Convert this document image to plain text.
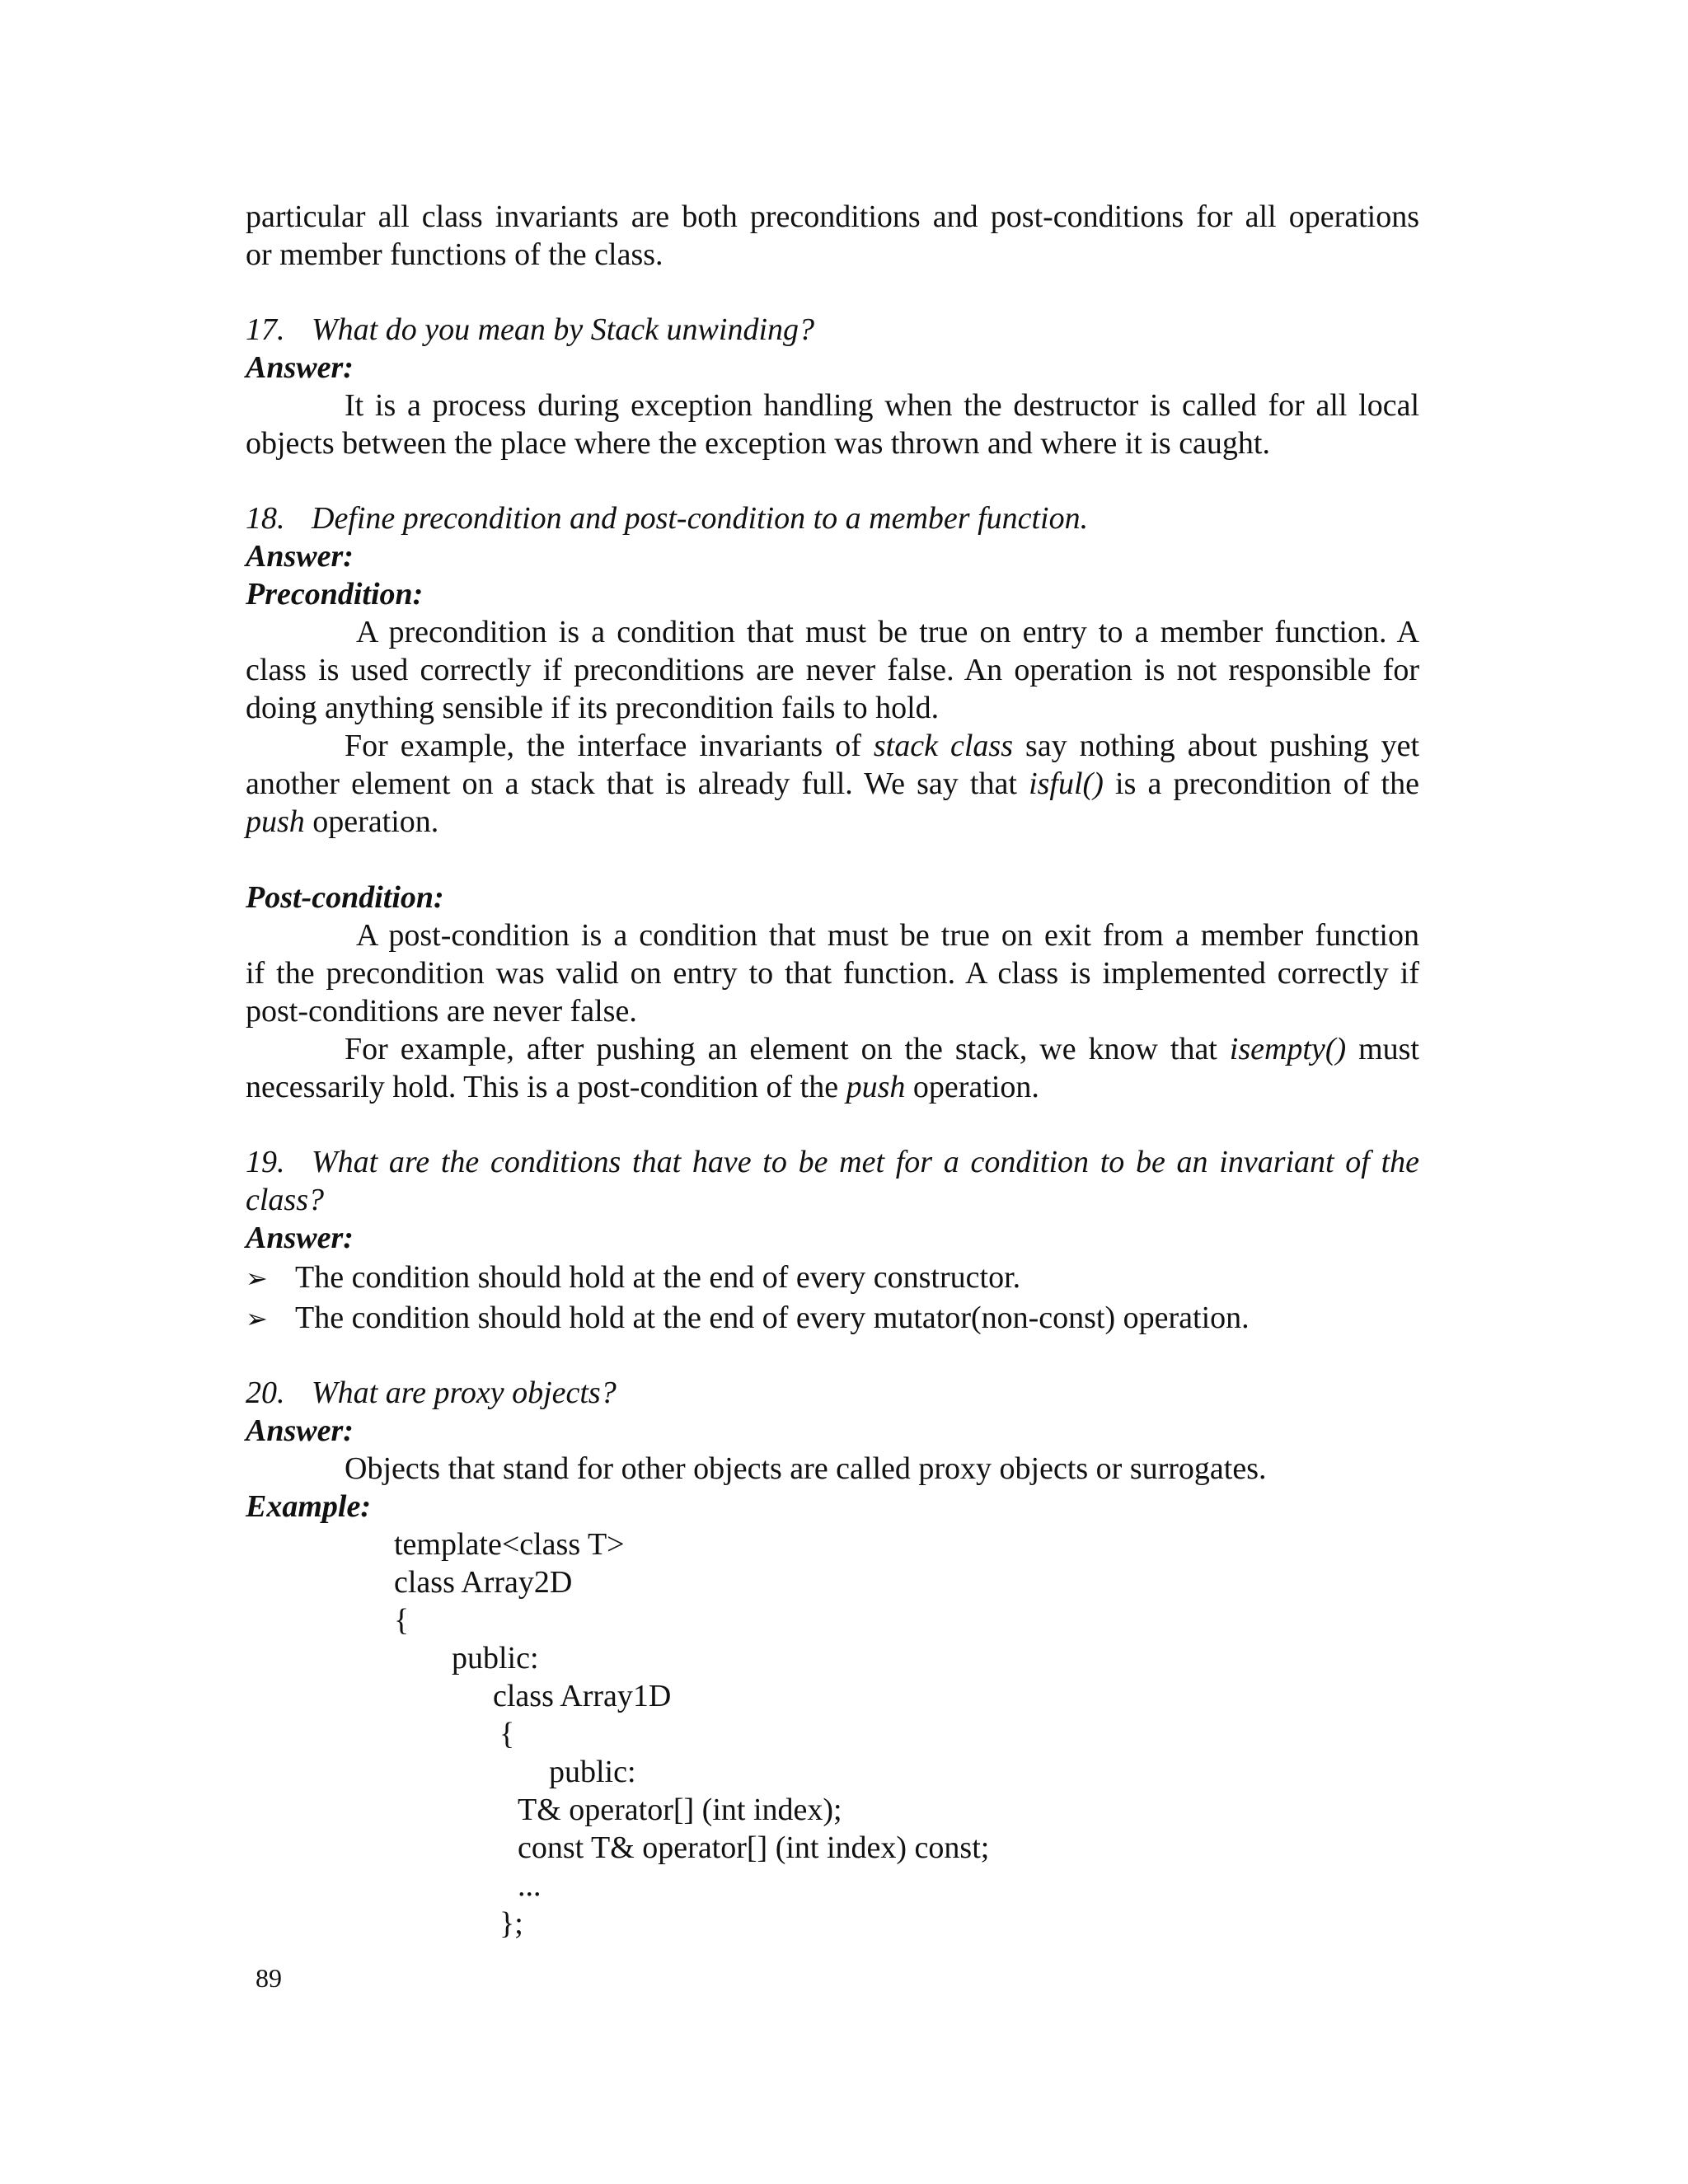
particular all class invariants are both preconditions and post-conditions for all operations
or member functions of the class.
17. What do you mean by Stack unwinding?
Answer:
It is a process during exception handling when the destructor is called for all local
objects between the place where the exception was thrown and where it is caught.
18. Define precondition and post-condition to a member function.
Answer:
Precondition:
A precondition is a condition that must be true on entry to a member function. A
class is used correctly if preconditions are never false. An operation is not responsible for
doing anything sensible if its precondition fails to hold.
For example, the interface invariants of stack class say nothing about pushing yet
another element on a stack that is already full. We say that isful() is a precondition of the
push operation.
Post-condition:
A post-condition is a condition that must be true on exit from a member function
if the precondition was valid on entry to that function. A class is implemented correctly if
post-conditions are never false.
For example, after pushing an element on the stack, we know that isempty() must
necessarily hold. This is a post-condition of the push operation.
19. What are the conditions that have to be met for a condition to be an invariant of the
class?
Answer:
➢ The condition should hold at the end of every constructor.
➢ The condition should hold at the end of every mutator(non-const) operation.
20. What are proxy objects?
Answer:
Objects that stand for other objects are called proxy objects or surrogates.
Example:
template<class T>
class Array2D
{
public:
class Array1D
{
public:
T& operator[] (int index);
const T& operator[] (int index) const;
...
};
89
